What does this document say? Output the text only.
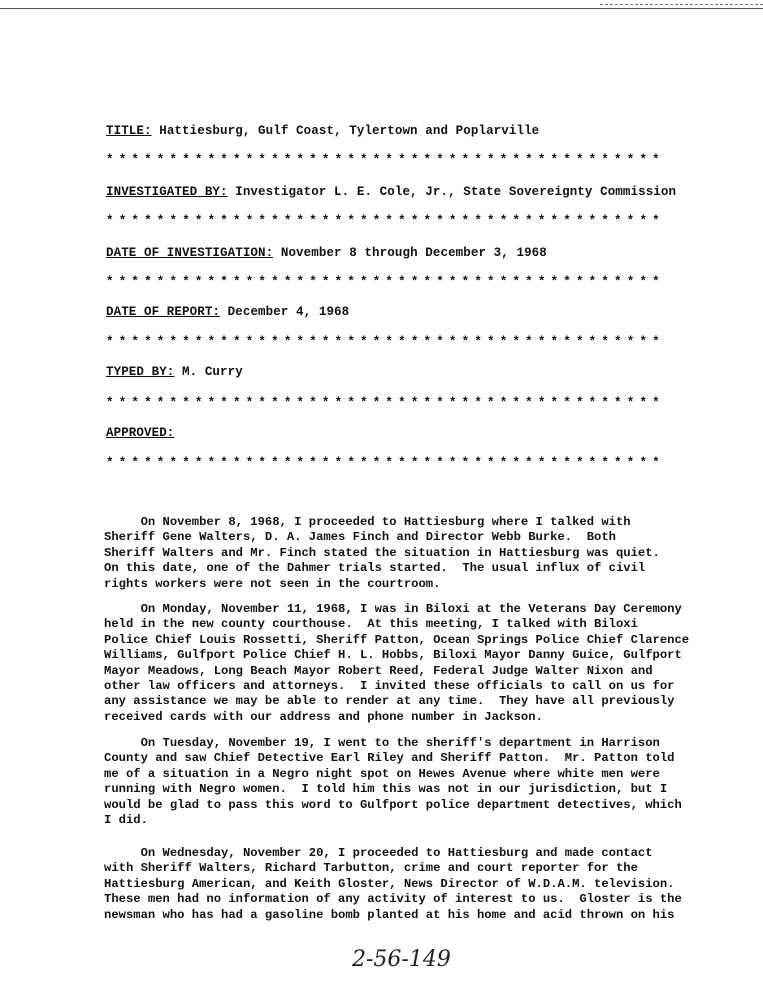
TITLE: Hattiesburg, Gulf Coast, Tylertown and Poplarville
********************************************
INVESTIGATED BY: Investigator L. E. Cole, Jr., State Sovereignty Commission
********************************************
DATE OF INVESTIGATION: November 8 through December 3, 1968
********************************************
DATE OF REPORT: December 4, 1968
********************************************
TYPED BY: M. Curry
********************************************
APPROVED:
********************************************
On November 8, 1968, I proceeded to Hattiesburg where I talked with
Sheriff Gene Walters, D. A. James Finch and Director Webb Burke.  Both
Sheriff Walters and Mr. Finch stated the situation in Hattiesburg was quiet.
On this date, one of the Dahmer trials started.  The usual influx of civil
rights workers were not seen in the courtroom.
On Monday, November 11, 1968, I was in Biloxi at the Veterans Day Ceremony
held in the new county courthouse.  At this meeting, I talked with Biloxi
Police Chief Louis Rossetti, Sheriff Patton, Ocean Springs Police Chief Clarence
Williams, Gulfport Police Chief H. L. Hobbs, Biloxi Mayor Danny Guice, Gulfport
Mayor Meadows, Long Beach Mayor Robert Reed, Federal Judge Walter Nixon and
other law officers and attorneys.  I invited these officials to call on us for
any assistance we may be able to render at any time.  They have all previously
received cards with our address and phone number in Jackson.
On Tuesday, November 19, I went to the sheriff's department in Harrison
County and saw Chief Detective Earl Riley and Sheriff Patton.  Mr. Patton told
me of a situation in a Negro night spot on Hewes Avenue where white men were
running with Negro women.  I told him this was not in our jurisdiction, but I
would be glad to pass this word to Gulfport police department detectives, which
I did.
On Wednesday, November 20, I proceeded to Hattiesburg and made contact
with Sheriff Walters, Richard Tarbutton, crime and court reporter for the
Hattiesburg American, and Keith Gloster, News Director of W.D.A.M. television.
These men had no information of any activity of interest to us.  Gloster is the
newsman who has had a gasoline bomb planted at his home and acid thrown on his
2-56-149
